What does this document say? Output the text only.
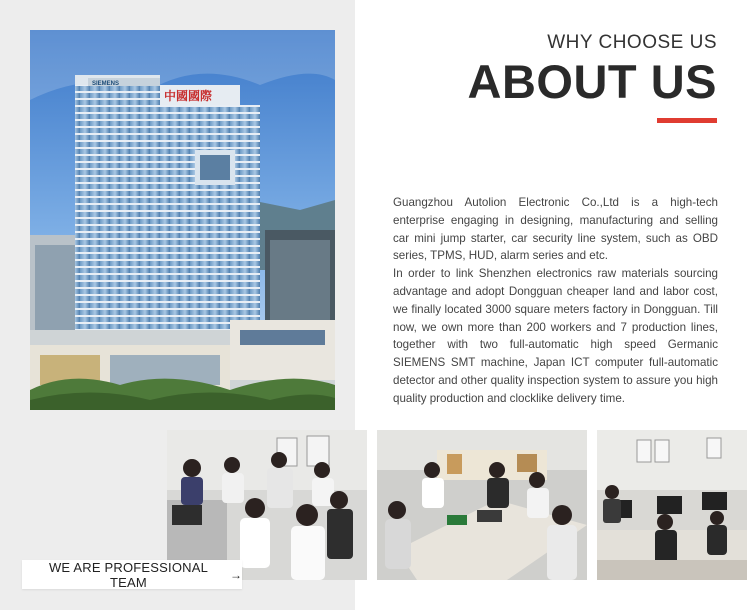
中國國際
SIEMENS
WHY CHOOSE US
ABOUT US

Guangzhou Autolion Electronic Co.,Ltd is a high-tech enterprise engaging in designing, manufacturing and selling car mini jump starter, car security line system, such as OBD series, TPMS, HUD, alarm series and etc.

In order to link Shenzhen electronics raw materials sourcing advantage and adopt Dongguan cheaper land and labor cost, we finally located 3000 square meters factory in Dongguan. Till now, we own more than 200 workers and 7 production lines, together with two full-automatic high speed Germanic SIEMENS SMT machine, Japan ICT computer full-automatic detector and other quality inspection system to assure you high quality production and clocklike delivery time.

WE ARE PROFESSIONAL TEAM	→
